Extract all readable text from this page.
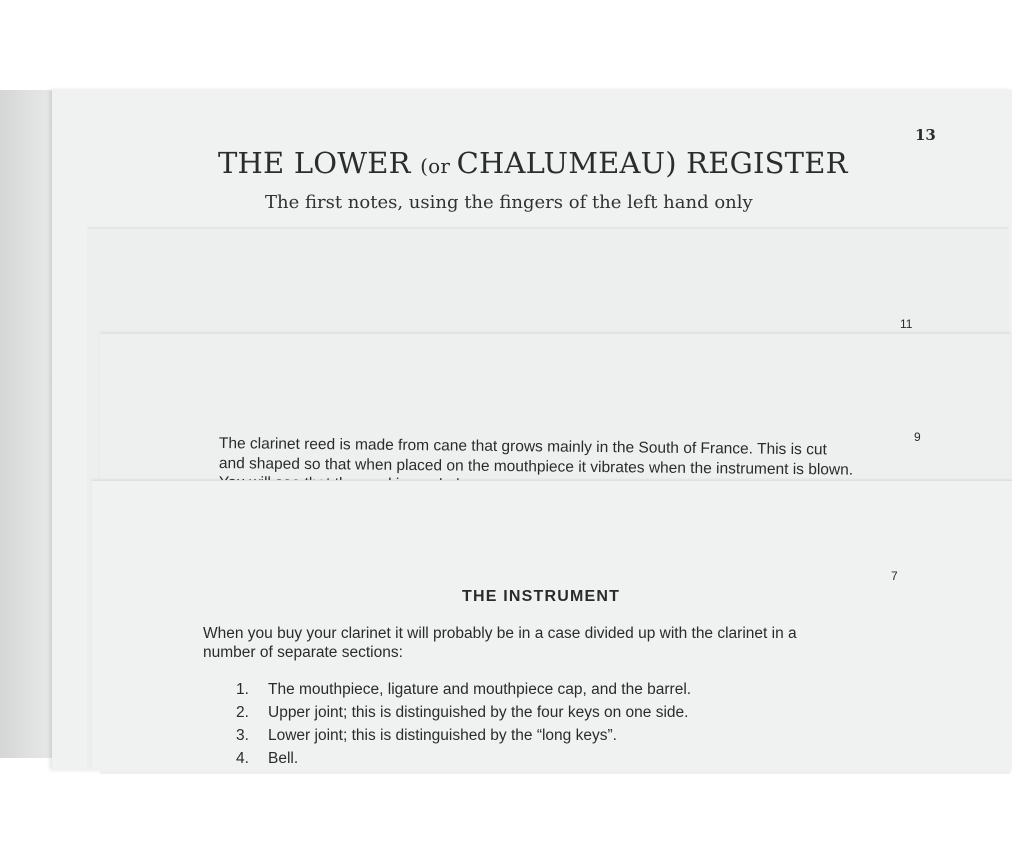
13
THE LOWER (or CHALUMEAU) REGISTER
The first notes, using the fingers of the left hand only
11
9
The clarinet reed is made from cane that grows mainly in the South of France. This is cut
and shaped so that when placed on the mouthpiece it vibrates when the instrument is blown.
7
THE INSTRUMENT
When you buy your clarinet it will probably be in a case divided up with the clarinet in a
number of separate sections:
1. The mouthpiece, ligature and mouthpiece cap, and the barrel.
2. Upper joint; this is distinguished by the four keys on one side.
3. Lower joint; this is distinguished by the “long keys”.
4. Bell.
